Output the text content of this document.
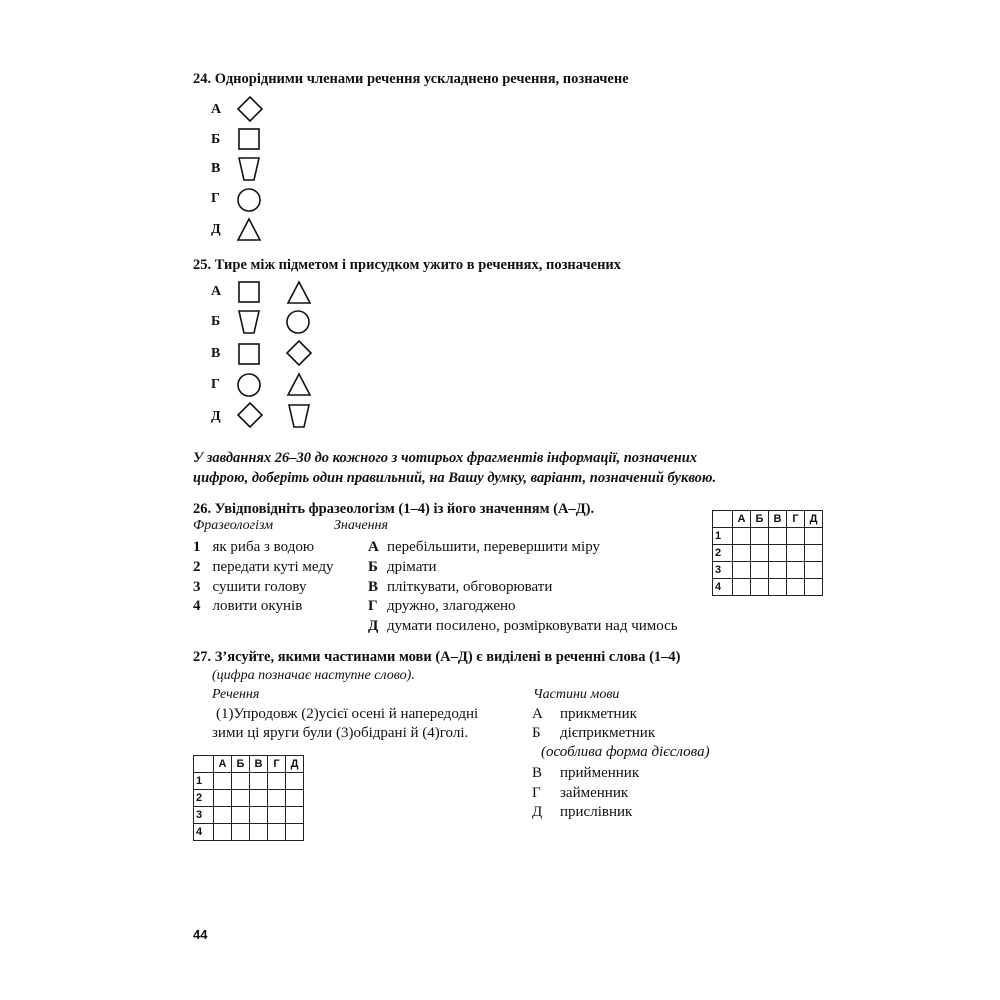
24. Однорідними членами речення ускладнено речення, позначене
А
Б
В
Г
Д
25. Тире між підметом і присудком ужито в реченнях, позначених
А
Б
В
Г
Д
У завданнях 26–30 до кожного з чотирьох фрагментів інформації, позначених
цифрою, доберіть один правильний, на Вашу думку, варіант, позначений буквою.
26. Увідповідніть фразеологізм (1–4) із його значенням (А–Д).
Фразеологізм	Значення
1 як риба з водою
2 передати куті меду
3 сушити голову
4 ловити окунів
А перебільшити, перевершити міру
Б дрімати
В пліткувати, обговорювати
Г дружно, злагоджено
Д думати посилено, розмірковувати над чимось
	А	Б	В	Г	Д
1					
2					
3					
4					
27. З’ясуйте, якими частинами мови (А–Д) є виділені в реченні слова (1–4)
(цифра позначає наступне слово).
Речення
(1)Упродовж (2)усієї осені й напередодні
зими ці яруги були (3)обідрані й (4)голі.
Частини мови
А прикметник
Б дієприкметник
(особлива форма дієслова)
В прийменник
Г займенник
Д прислівник
	А	Б	В	Г	Д
1					
2					
3					
4					
44
